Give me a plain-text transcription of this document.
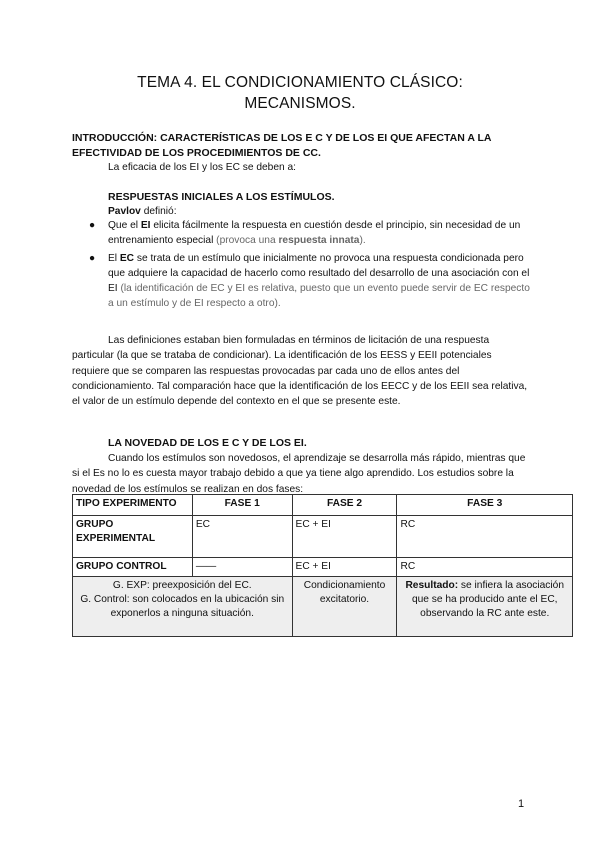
TEMA 4. EL CONDICIONAMIENTO CLÁSICO:
MECANISMOS.

INTRODUCCIÓN: CARACTERÍSTICAS DE LOS E C Y DE LOS EI QUE AFECTAN A LA EFECTIVIDAD DE LOS PROCEDIMIENTOS DE CC.

La eficacia de los EI y los EC se deben a:

RESPUESTAS INICIALES A LOS ESTÍMULOS.

Pavlov definió:

● Que el EI elicita fácilmente la respuesta en cuestión desde el principio, sin necesidad de un entrenamiento especial (provoca una respuesta innata).
● El EC se trata de un estímulo que inicialmente no provoca una respuesta condicionada pero que adquiere la capacidad de hacerlo como resultado del desarrollo de una asociación con el EI (la identificación de EC y EI es relativa, puesto que un evento puede servir de EC respecto a un estímulo y de EI respecto a otro).

Las definiciones estaban bien formuladas en términos de licitación de una respuesta particular (la que se trataba de condicionar). La identificación de los EESS y EEII potenciales requiere que se comparen las respuestas provocadas par cada uno de ellos antes del condicionamiento. Tal comparación hace que la identificación de los EECC y de los EEII sea relativa, el valor de un estímulo depende del contexto en el que se presente este.

LA NOVEDAD DE LOS E C Y DE LOS EI.

Cuando los estímulos son novedosos, el aprendizaje se desarrolla más rápido, mientras que si el Es no lo es cuesta mayor trabajo debido a que ya tiene algo aprendido. Los estudios sobre la novedad de los estímulos se realizan en dos fases:

TIPO EXPERIMENTO	FASE 1	FASE 2	FASE 3
GRUPO EXPERIMENTAL	EC	EC + EI	RC
GRUPO CONTROL	——	EC + EI	RC
G. EXP: preexposición del EC.
G. Control: son colocados en la ubicación sin exponerlos a ninguna situación.		Condicionamiento excitatorio.	Resultado: se infiera la asociación que se ha producido ante el EC, observando la RC ante este.
1
